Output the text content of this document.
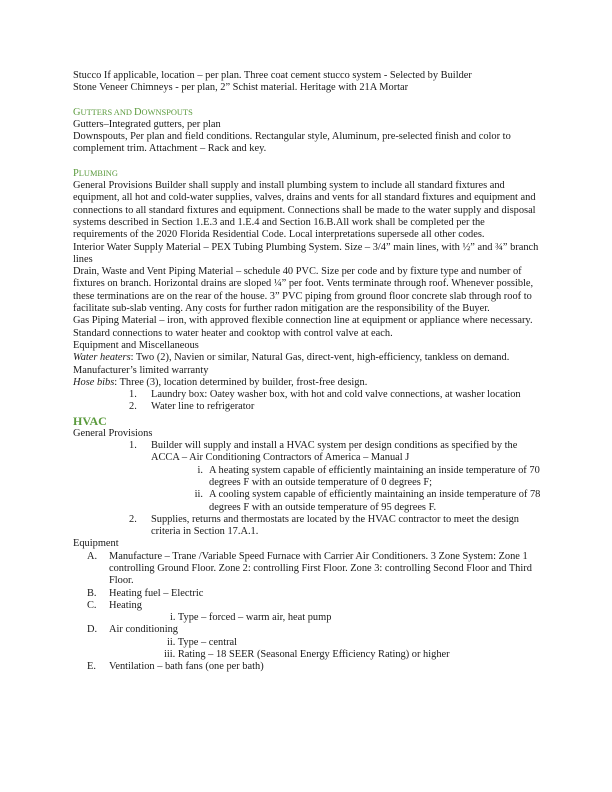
Stucco If applicable, location – per plan. Three coat cement stucco system - Selected by Builder

Stone Veneer Chimneys - per plan, 2” Schist material. Heritage with 21A Mortar

GUTTERS AND DOWNSPOUTS

Gutters–Integrated gutters, per plan

Downspouts, Per plan and field conditions. Rectangular style, Aluminum, pre-selected finish and color to complement trim. Attachment – Rack and key.

PLUMBING

General Provisions Builder shall supply and install plumbing system to include all standard fixtures and equipment, all hot and cold-water supplies, valves, drains and vents for all standard fixtures and equipment and connections to all standard fixtures and equipment. Connections shall be made to the water supply and disposal systems described in Section 1.E.3 and 1.E.4 and Section 16.B.All work shall be completed per the requirements of the 2020 Florida Residential Code. Local interpretations supersede all other codes.

Interior Water Supply Material – PEX Tubing Plumbing System. Size – 3/4” main lines, with ½” and ¾” branch lines

Drain, Waste and Vent Piping Material – schedule 40 PVC. Size per code and by fixture type and number of fixtures on branch. Horizontal drains are sloped ¼” per foot. Vents terminate through roof. Whenever possible, these terminations are on the rear of the house. 3” PVC piping from ground floor concrete slab through roof to facilitate sub-slab venting. Any costs for further radon mitigation are the responsibility of the Buyer.

Gas Piping Material – iron, with approved flexible connection line at equipment or appliance where necessary. Standard connections to water heater and cooktop with control valve at each.

Equipment and Miscellaneous

Water heaters: Two (2), Navien or similar, Natural Gas, direct-vent, high-efficiency, tankless on demand. Manufacturer’s limited warranty

Hose bibs: Three (3), location determined by builder, frost-free design.

1.	Laundry box: Oatey washer box, with hot and cold valve connections, at washer location
2.	Water line to refrigerator

HVAC

General Provisions

1.	Builder will supply and install a HVAC system per design conditions as specified by the ACCA – Air Conditioning Contractors of America – Manual J
i. A heating system capable of efficiently maintaining an inside temperature of 70 degrees F with an outside temperature of 0 degrees F;
ii. A cooling system capable of efficiently maintaining an inside temperature of 78 degrees F with an outside temperature of 95 degrees F.
2.	Supplies, returns and thermostats are located by the HVAC contractor to meet the design criteria in Section 17.A.1.

Equipment

A.	Manufacture – Trane /Variable Speed Furnace with Carrier Air Conditioners. 3 Zone System: Zone 1 controlling Ground Floor. Zone 2: controlling First Floor. Zone 3: controlling Second Floor and Third Floor.
B.	Heating fuel – Electric
C.	Heating

i. Type – forced – warm air, heat pump

D.	Air conditioning

ii. Type – central

iii. Rating – 18 SEER (Seasonal Energy Efficiency Rating) or higher

E.	Ventilation – bath fans (one per bath)
